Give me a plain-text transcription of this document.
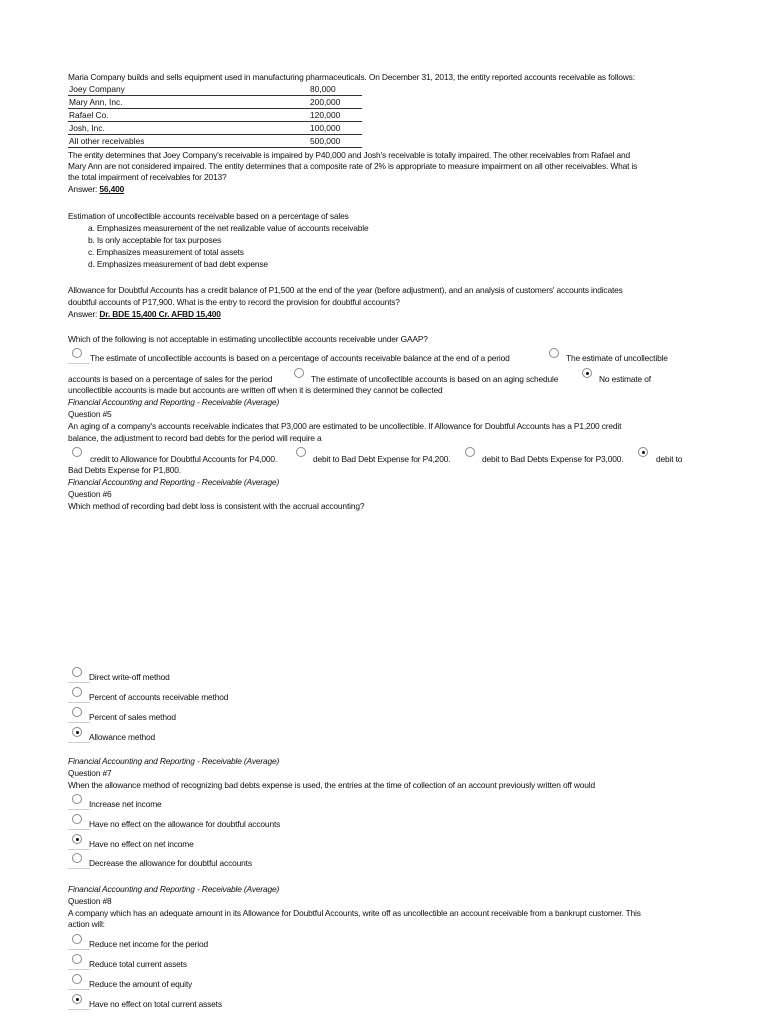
Maria Company builds and sells equipment used in manufacturing pharmaceuticals. On December 31, 2013, the entity reported accounts receivable as follows:
Joey Company	80,000
Mary Ann, Inc.	200,000
Rafael Co.	120,000
Josh, Inc.	100,000
All other receivables	500,000
The entity determines that Joey Company's receivable is impaired by P40,000 and Josh's receivable is totally impaired. The other receivables from Rafael and
Mary Ann are not considered impaired. The entity determines that a composite rate of 2% is appropriate to measure impairment on all other receivables. What is
the total impairment of receivables for 2013?
Answer: 56,400
Estimation of uncollectible accounts receivable based on a percentage of sales
a. Emphasizes measurement of the net realizable value of accounts receivable
b. Is only acceptable for tax purposes
c. Emphasizes measurement of total assets
d. Emphasizes measurement of bad debt expense
Allowance for Doubtful Accounts has a credit balance of P1,500 at the end of the year (before adjustment), and an analysis of customers' accounts indicates
doubtful accounts of P17,900. What is the entry to record the provision for doubtful accounts?
Answer: Dr. BDE 15,400 Cr. AFBD 15,400
Which of the following is not acceptable in estimating uncollectible accounts receivable under GAAP?
The estimate of uncollectible accounts is based on a percentage of accounts receivable balance at the end of a period	The estimate of uncollectible
accounts is based on a percentage of sales for the period	The estimate of uncollectible accounts is based on an aging schedule	No estimate of
uncollectible accounts is made but accounts are written off when it is determined they cannot be collected
Financial Accounting and Reporting - Receivable (Average)
Question #5
An aging of a company's accounts receivable indicates that P3,000 are estimated to be uncollectible. If Allowance for Doubtful Accounts has a P1,200 credit
balance, the adjustment to record bad debts for the period will require a
credit to Allowance for Doubtful Accounts for P4,000.	debit to Bad Debt Expense for P4,200.	debit to Bad Debts Expense for P3,000.	debit to
Bad Debts Expense for P1,800.
Financial Accounting and Reporting - Receivable (Average)
Question #6
Which method of recording bad debt loss is consistent with the accrual accounting?
Direct write-off method
Percent of accounts receivable method
Percent of sales method
Allowance method
Financial Accounting and Reporting - Receivable (Average)
Question #7
When the allowance method of recognizing bad debts expense is used, the entries at the time of collection of an account previously written off would
Increase net income
Have no effect on the allowance for doubtful accounts
Have no effect on net income
Decrease the allowance for doubtful accounts
Financial Accounting and Reporting - Receivable (Average)
Question #8
A company which has an adequate amount in its Allowance for Doubtful Accounts, write off as uncollectible an account receivable from a bankrupt customer. This
action will:
Reduce net income for the period
Reduce total current assets
Reduce the amount of equity
Have no effect on total current assets
